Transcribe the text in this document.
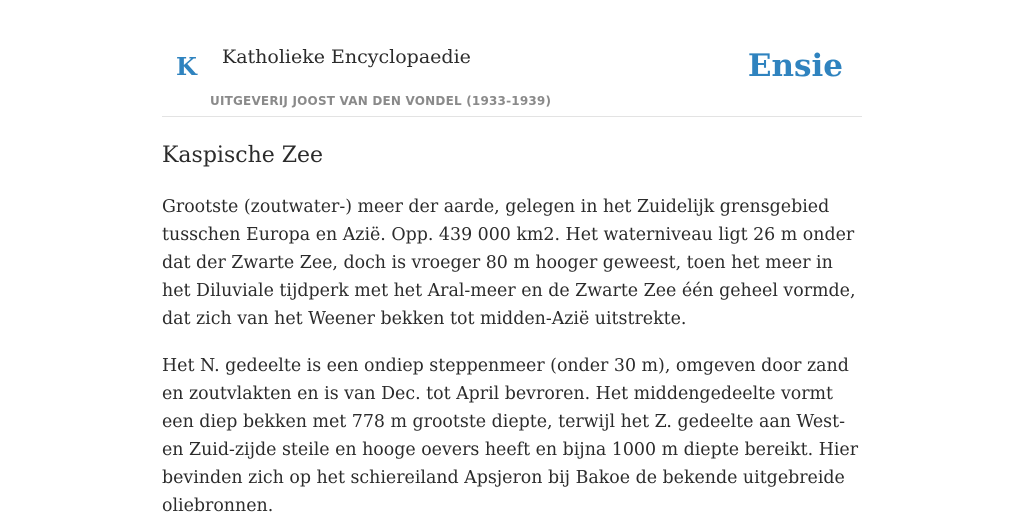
K Katholieke Encyclopaedie
UITGEVERIJ JOOST VAN DEN VONDEL (1933-1939)
Ensie
Kaspische Zee

Grootste (zoutwater-) meer der aarde, gelegen in het Zuidelijk grensgebied tusschen Europa en Azië. Opp. 439 000 km2. Het waterniveau ligt 26 m onder dat der Zwarte Zee, doch is vroeger 80 m hooger geweest, toen het meer in het Diluviale tijdperk met het Aral-meer en de Zwarte Zee één geheel vormde, dat zich van het Weener bekken tot midden-Azië uitstrekte.

Het N. gedeelte is een ondiep steppenmeer (onder 30 m), omgeven door zand en zoutvlakten en is van Dec. tot April bevroren. Het middengedeelte vormt een diep bekken met 778 m grootste diepte, terwijl het Z. gedeelte aan West- en Zuid-zijde steile en hooge oevers heeft en bijna 1000 m diepte bereikt. Hier bevinden zich op het schiereiland Apsjeron bij Bakoe de bekende uitgebreide oliebronnen.
